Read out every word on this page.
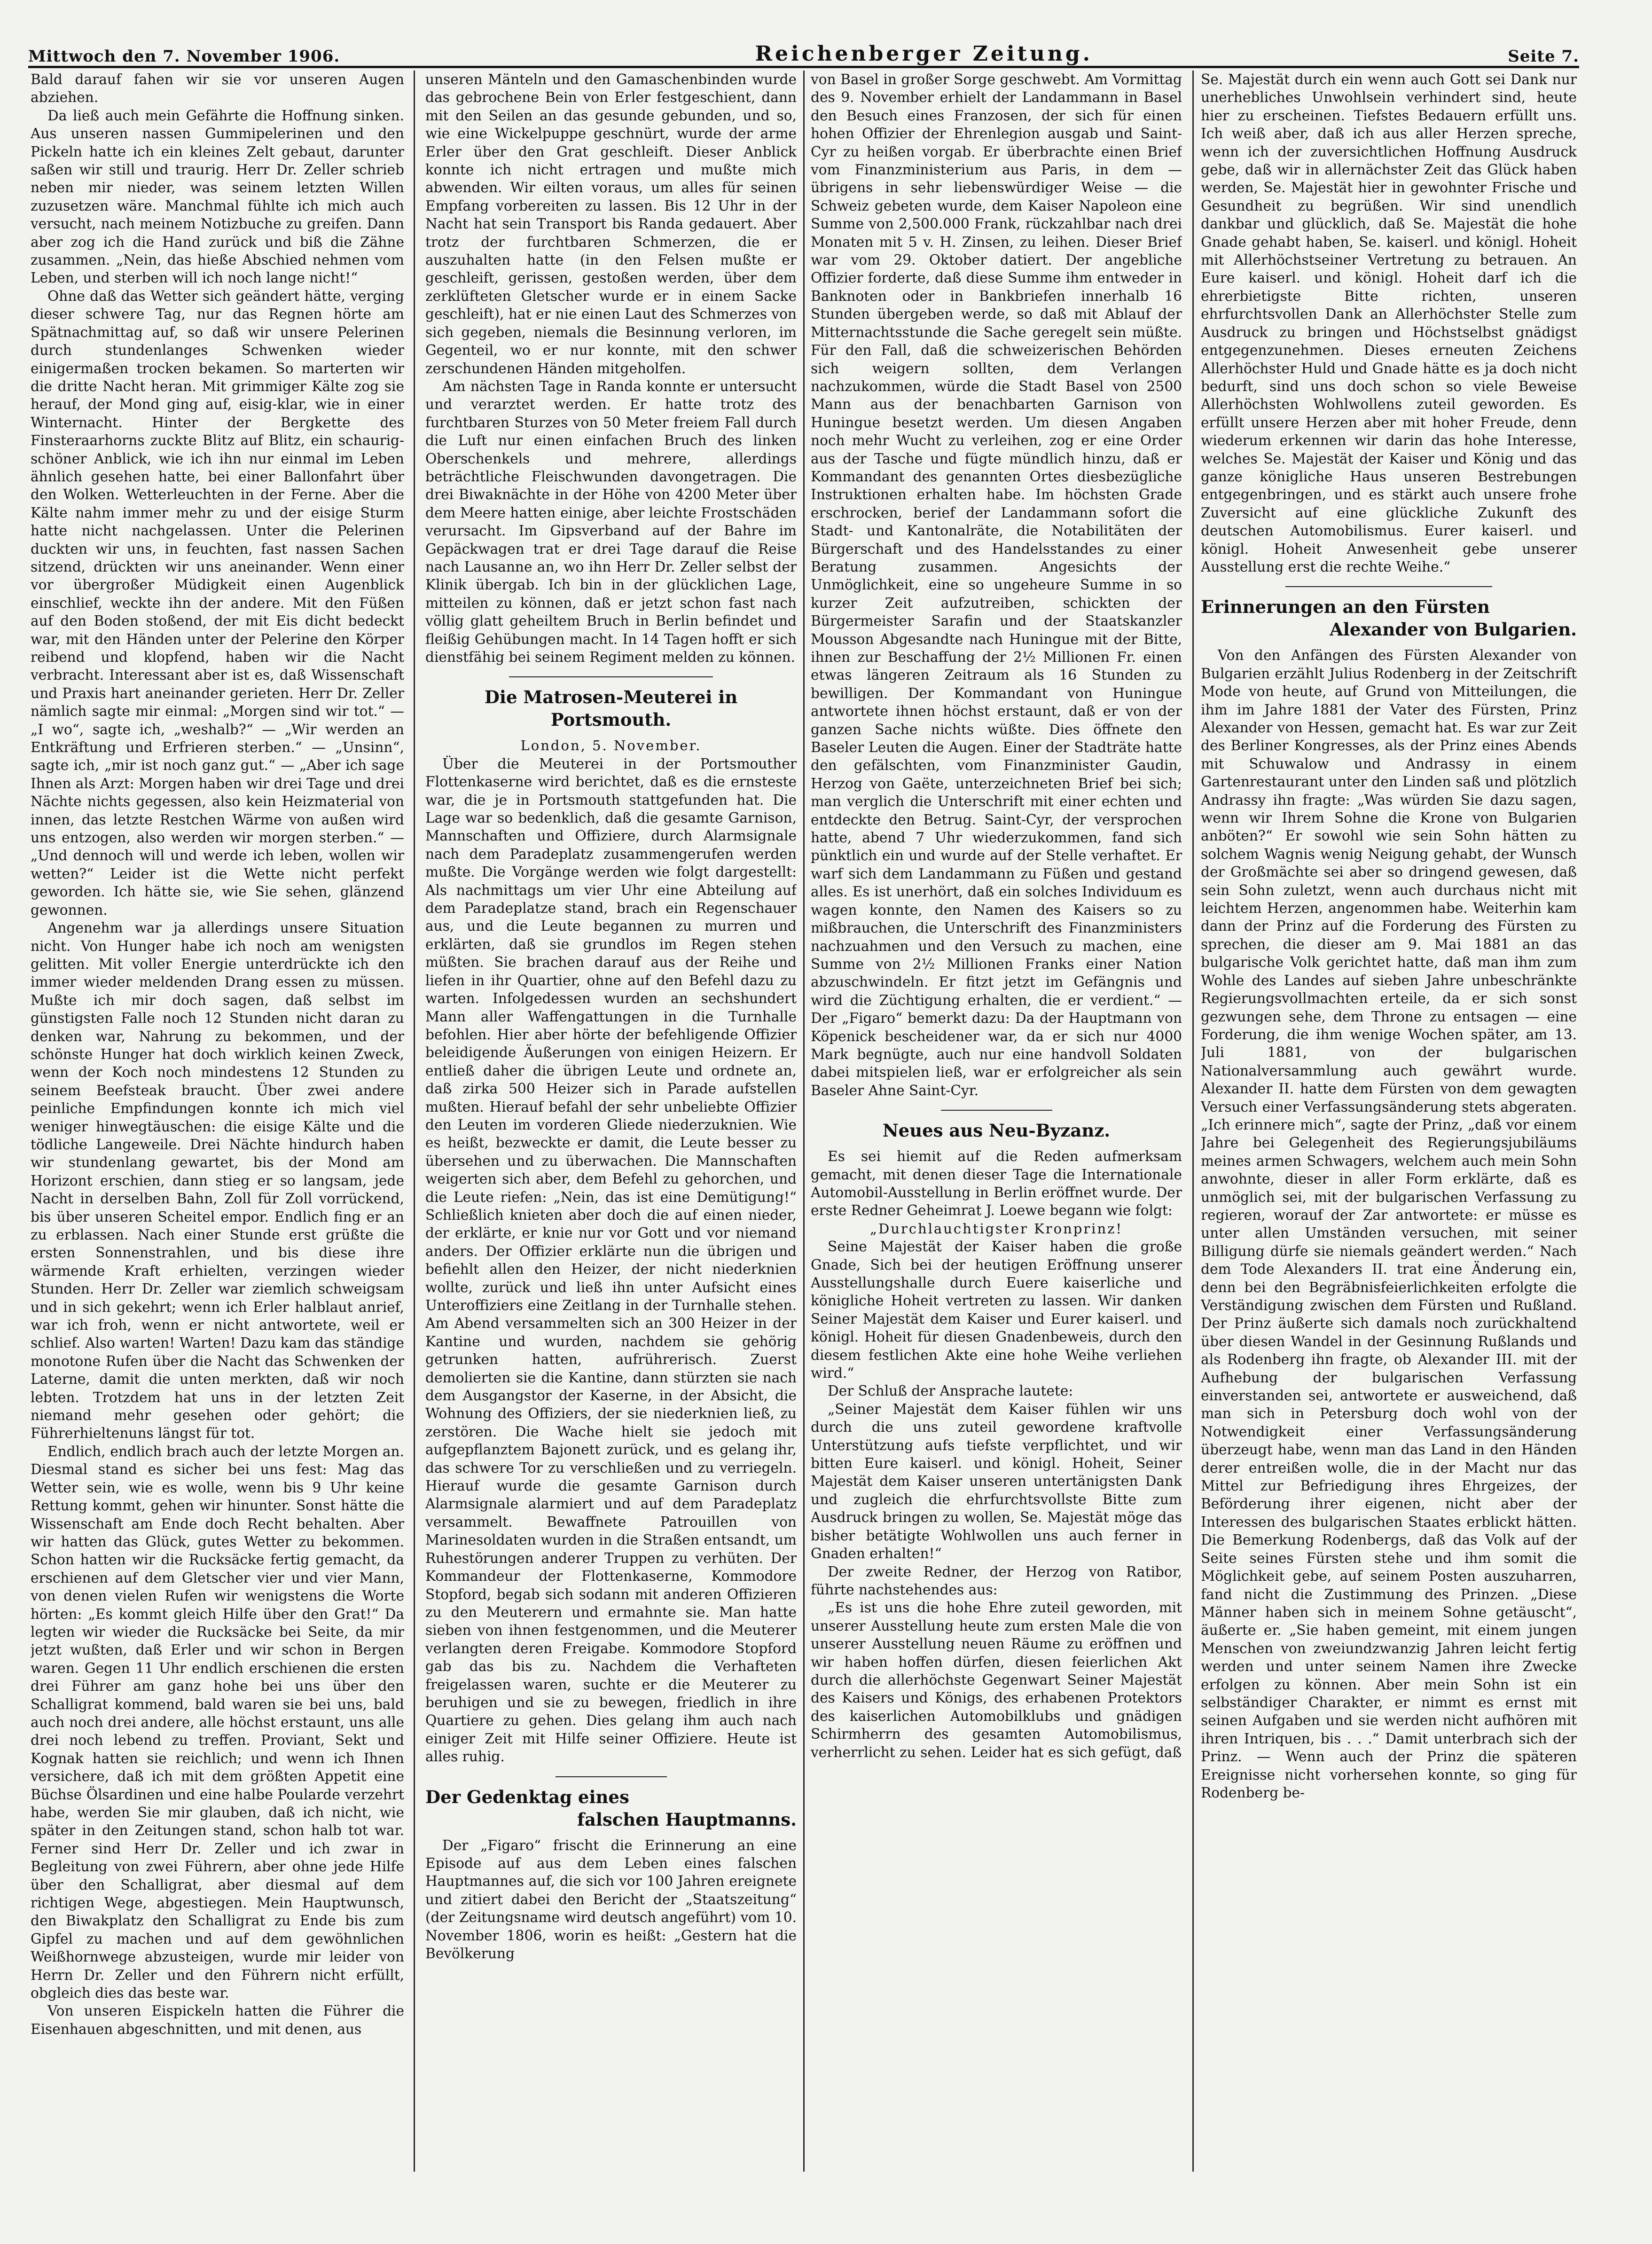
Mittwoch den 7. November 1906.	Reichenberger Zeitung.	Seite 7.

Bald darauf fahen wir sie vor unseren Augen abziehen.

Da ließ auch mein Gefährte die Hoffnung sinken. Aus unseren nassen Gummipelerinen und den Pickeln hatte ich ein kleines Zelt gebaut, darunter saßen wir still und traurig. Herr Dr. Zeller schrieb neben mir nieder, was seinem letzten Willen zuzusetzen wäre. Manchmal fühlte ich mich auch versucht, nach meinem Notizbuche zu greifen. Dann aber zog ich die Hand zurück und biß die Zähne zusammen. „Nein, das hieße Abschied nehmen vom Leben, und sterben will ich noch lange nicht!“

Ohne daß das Wetter sich geändert hätte, verging dieser schwere Tag, nur das Regnen hörte am Spätnachmittag auf, so daß wir unsere Pelerinen durch stundenlanges Schwenken wieder einigermaßen trocken bekamen. So marterten wir die dritte Nacht heran. Mit grimmiger Kälte zog sie herauf, der Mond ging auf, eisig-klar, wie in einer Winternacht. Hinter der Bergkette des Finsteraarhorns zuckte Blitz auf Blitz, ein schaurig-schöner Anblick, wie ich ihn nur einmal im Leben ähnlich gesehen hatte, bei einer Ballonfahrt über den Wolken. Wetterleuchten in der Ferne. Aber die Kälte nahm immer mehr zu und der eisige Sturm hatte nicht nachgelassen. Unter die Pelerinen duckten wir uns, in feuchten, fast nassen Sachen sitzend, drückten wir uns aneinander. Wenn einer vor übergroßer Müdigkeit einen Augenblick einschlief, weckte ihn der andere. Mit den Füßen auf den Boden stoßend, der mit Eis dicht bedeckt war, mit den Händen unter der Pelerine den Körper reibend und klopfend, haben wir die Nacht verbracht. Interessant aber ist es, daß Wissenschaft und Praxis hart aneinander gerieten. Herr Dr. Zeller nämlich sagte mir einmal: „Morgen sind wir tot.“ — „I wo“, sagte ich, „weshalb?“ — „Wir werden an Entkräftung und Erfrieren sterben.“ — „Unsinn“, sagte ich, „mir ist noch ganz gut.“ — „Aber ich sage Ihnen als Arzt: Morgen haben wir drei Tage und drei Nächte nichts gegessen, also kein Heizmaterial von innen, das letzte Restchen Wärme von außen wird uns entzogen, also werden wir morgen sterben.“ — „Und dennoch will und werde ich leben, wollen wir wetten?“ Leider ist die Wette nicht perfekt geworden. Ich hätte sie, wie Sie sehen, glänzend gewonnen.

Angenehm war ja allerdings unsere Situation nicht. Von Hunger habe ich noch am wenigsten gelitten. Mit voller Energie unterdrückte ich den immer wieder meldenden Drang essen zu müssen. Mußte ich mir doch sagen, daß selbst im günstigsten Falle noch 12 Stunden nicht daran zu denken war, Nahrung zu bekommen, und der schönste Hunger hat doch wirklich keinen Zweck, wenn der Koch noch mindestens 12 Stunden zu seinem Beefsteak braucht. Über zwei andere peinliche Empfindungen konnte ich mich viel weniger hinwegtäuschen: die eisige Kälte und die tödliche Langeweile. Drei Nächte hindurch haben wir stundenlang gewartet, bis der Mond am Horizont erschien, dann stieg er so langsam, jede Nacht in derselben Bahn, Zoll für Zoll vorrückend, bis über unseren Scheitel empor. Endlich fing er an zu erblassen. Nach einer Stunde erst grüßte die ersten Sonnenstrahlen, und bis diese ihre wärmende Kraft erhielten, verzingen wieder Stunden. Herr Dr. Zeller war ziemlich schweigsam und in sich gekehrt; wenn ich Erler halblaut anrief, war ich froh, wenn er nicht antwortete, weil er schlief. Also warten! Warten! Dazu kam das ständige monotone Rufen über die Nacht das Schwenken der Laterne, damit die unten merkten, daß wir noch lebten. Trotzdem hat uns in der letzten Zeit niemand mehr gesehen oder gehört; die Führerhieltenuns längst für tot.

Endlich, endlich brach auch der letzte Morgen an. Diesmal stand es sicher bei uns fest: Mag das Wetter sein, wie es wolle, wenn bis 9 Uhr keine Rettung kommt, gehen wir hinunter. Sonst hätte die Wissenschaft am Ende doch Recht behalten. Aber wir hatten das Glück, gutes Wetter zu bekommen. Schon hatten wir die Rucksäcke fertig gemacht, da erschienen auf dem Gletscher vier und vier Mann, von denen vielen Rufen wir wenigstens die Worte hörten: „Es kommt gleich Hilfe über den Grat!“ Da legten wir wieder die Rucksäcke bei Seite, da mir jetzt wußten, daß Erler und wir schon in Bergen waren. Gegen 11 Uhr endlich erschienen die ersten drei Führer am ganz hohe bei uns über den Schalligrat kommend, bald waren sie bei uns, bald auch noch drei andere, alle höchst erstaunt, uns alle drei noch lebend zu treffen. Proviant, Sekt und Kognak hatten sie reichlich; und wenn ich Ihnen versichere, daß ich mit dem größten Appetit eine Büchse Ölsardinen und eine halbe Poularde verzehrt habe, werden Sie mir glauben, daß ich nicht, wie später in den Zeitungen stand, schon halb tot war. Ferner sind Herr Dr. Zeller und ich zwar in Begleitung von zwei Führern, aber ohne jede Hilfe über den Schalligrat, aber diesmal auf dem richtigen Wege, abgestiegen. Mein Hauptwunsch, den Biwakplatz den Schalligrat zu Ende bis zum Gipfel zu machen und auf dem gewöhnlichen Weißhornwege abzusteigen, wurde mir leider von Herrn Dr. Zeller und den Führern nicht erfüllt, obgleich dies das beste war.

Von unseren Eispickeln hatten die Führer die Eisenhauen abgeschnitten, und mit denen, aus

unseren Mänteln und den Gamaschenbinden wurde das gebrochene Bein von Erler festgeschient, dann mit den Seilen an das gesunde gebunden, und so, wie eine Wickelpuppe geschnürt, wurde der arme Erler über den Grat geschleift. Dieser Anblick konnte ich nicht ertragen und mußte mich abwenden. Wir eilten voraus, um alles für seinen Empfang vorbereiten zu lassen. Bis 12 Uhr in der Nacht hat sein Transport bis Randa gedauert. Aber trotz der furchtbaren Schmerzen, die er auszuhalten hatte (in den Felsen mußte er geschleift, gerissen, gestoßen werden, über dem zerklüfteten Gletscher wurde er in einem Sacke geschleift), hat er nie einen Laut des Schmerzes von sich gegeben, niemals die Besinnung verloren, im Gegenteil, wo er nur konnte, mit den schwer zerschundenen Händen mitgeholfen.

Am nächsten Tage in Randa konnte er untersucht und verarztet werden. Er hatte trotz des furchtbaren Sturzes von 50 Meter freiem Fall durch die Luft nur einen einfachen Bruch des linken Oberschenkels und mehrere, allerdings beträchtliche Fleischwunden davongetragen. Die drei Biwaknächte in der Höhe von 4200 Meter über dem Meere hatten einige, aber leichte Frostschäden verursacht. Im Gipsverband auf der Bahre im Gepäckwagen trat er drei Tage darauf die Reise nach Lausanne an, wo ihn Herr Dr. Zeller selbst der Klinik übergab. Ich bin in der glücklichen Lage, mitteilen zu können, daß er jetzt schon fast nach völlig glatt geheiltem Bruch in Berlin befindet und fleißig Gehübungen macht. In 14 Tagen hofft er sich dienstfähig bei seinem Regiment melden zu können.

Die Matrosen-Meuterei in Portsmouth.

London, 5. November.

Über die Meuterei in der Portsmouther Flottenkaserne wird berichtet, daß es die ernsteste war, die je in Portsmouth stattgefunden hat. Die Lage war so bedenklich, daß die gesamte Garnison, Mannschaften und Offiziere, durch Alarmsignale nach dem Paradeplatz zusammengerufen werden mußte. Die Vorgänge werden wie folgt dargestellt: Als nachmittags um vier Uhr eine Abteilung auf dem Paradeplatze stand, brach ein Regenschauer aus, und die Leute begannen zu murren und erklärten, daß sie grundlos im Regen stehen müßten. Sie brachen darauf aus der Reihe und liefen in ihr Quartier, ohne auf den Befehl dazu zu warten. Infolgedessen wurden an sechshundert Mann aller Waffengattungen in die Turnhalle befohlen. Hier aber hörte der befehligende Offizier beleidigende Äußerungen von einigen Heizern. Er entließ daher die übrigen Leute und ordnete an, daß zirka 500 Heizer sich in Parade aufstellen mußten. Hierauf befahl der sehr unbeliebte Offizier den Leuten im vorderen Gliede niederzuknien. Wie es heißt, bezweckte er damit, die Leute besser zu übersehen und zu überwachen. Die Mannschaften weigerten sich aber, dem Befehl zu gehorchen, und die Leute riefen: „Nein, das ist eine Demütigung!“ Schließlich knieten aber doch die auf einen nieder, der erklärte, er knie nur vor Gott und vor niemand anders. Der Offizier erklärte nun die übrigen und befiehlt allen den Heizer, der nicht niederknien wollte, zurück und ließ ihn unter Aufsicht eines Unteroffiziers eine Zeitlang in der Turnhalle stehen. Am Abend versammelten sich an 300 Heizer in der Kantine und wurden, nachdem sie gehörig getrunken hatten, aufrührerisch. Zuerst demolierten sie die Kantine, dann stürzten sie nach dem Ausgangstor der Kaserne, in der Absicht, die Wohnung des Offiziers, der sie niederknien ließ, zu zerstören. Die Wache hielt sie jedoch mit aufgepflanztem Bajonett zurück, und es gelang ihr, das schwere Tor zu verschließen und zu verriegeln. Hierauf wurde die gesamte Garnison durch Alarmsignale alarmiert und auf dem Paradeplatz versammelt. Bewaffnete Patrouillen von Marinesoldaten wurden in die Straßen entsandt, um Ruhestörungen anderer Truppen zu verhüten. Der Kommandeur der Flottenkaserne, Kommodore Stopford, begab sich sodann mit anderen Offizieren zu den Meuterern und ermahnte sie. Man hatte sieben von ihnen festgenommen, und die Meuterer verlangten deren Freigabe. Kommodore Stopford gab das bis zu. Nachdem die Verhafteten freigelassen waren, suchte er die Meuterer zu beruhigen und sie zu bewegen, friedlich in ihre Quartiere zu gehen. Dies gelang ihm auch nach einiger Zeit mit Hilfe seiner Offiziere. Heute ist alles ruhig.

Der Gedenktag eines
falschen Hauptmanns.

Der „Figaro“ frischt die Erinnerung an eine Episode auf aus dem Leben eines falschen Hauptmannes auf, die sich vor 100 Jahren ereignete und zitiert dabei den Bericht der „Staatszeitung“ (der Zeitungsname wird deutsch angeführt) vom 10. November 1806, worin es heißt: „Gestern hat die Bevölkerung

von Basel in großer Sorge geschwebt. Am Vormittag des 9. November erhielt der Landammann in Basel den Besuch eines Franzosen, der sich für einen hohen Offizier der Ehrenlegion ausgab und Saint-Cyr zu heißen vorgab. Er überbrachte einen Brief vom Finanzministerium aus Paris, in dem — übrigens in sehr liebenswürdiger Weise — die Schweiz gebeten wurde, dem Kaiser Napoleon eine Summe von 2,500.000 Frank, rückzahlbar nach drei Monaten mit 5 v. H. Zinsen, zu leihen. Dieser Brief war vom 29. Oktober datiert. Der angebliche Offizier forderte, daß diese Summe ihm entweder in Banknoten oder in Bankbriefen innerhalb 16 Stunden übergeben werde, so daß mit Ablauf der Mitternachtsstunde die Sache geregelt sein müßte. Für den Fall, daß die schweizerischen Behörden sich weigern sollten, dem Verlangen nachzukommen, würde die Stadt Basel von 2500 Mann aus der benachbarten Garnison von Huningue besetzt werden. Um diesen Angaben noch mehr Wucht zu verleihen, zog er eine Order aus der Tasche und fügte mündlich hinzu, daß er Kommandant des genannten Ortes diesbezügliche Instruktionen erhalten habe. Im höchsten Grade erschrocken, berief der Landammann sofort die Stadt- und Kantonalräte, die Notabilitäten der Bürgerschaft und des Handelsstandes zu einer Beratung zusammen. Angesichts der Unmöglichkeit, eine so ungeheure Summe in so kurzer Zeit aufzutreiben, schickten der Bürgermeister Sarafin und der Staatskanzler Mousson Abgesandte nach Huningue mit der Bitte, ihnen zur Beschaffung der 2½ Millionen Fr. einen etwas längeren Zeitraum als 16 Stunden zu bewilligen. Der Kommandant von Huningue antwortete ihnen höchst erstaunt, daß er von der ganzen Sache nichts wüßte. Dies öffnete den Baseler Leuten die Augen. Einer der Stadträte hatte den gefälschten, vom Finanzminister Gaudin, Herzog von Gaëte, unterzeichneten Brief bei sich; man verglich die Unterschrift mit einer echten und entdeckte den Betrug. Saint-Cyr, der versprochen hatte, abend 7 Uhr wiederzukommen, fand sich pünktlich ein und wurde auf der Stelle verhaftet. Er warf sich dem Landammann zu Füßen und gestand alles. Es ist unerhört, daß ein solches Individuum es wagen konnte, den Namen des Kaisers so zu mißbrauchen, die Unterschrift des Finanzministers nachzuahmen und den Versuch zu machen, eine Summe von 2½ Millionen Franks einer Nation abzuschwindeln. Er fitzt jetzt im Gefängnis und wird die Züchtigung erhalten, die er verdient.“ — Der „Figaro“ bemerkt dazu: Da der Hauptmann von Köpenick bescheidener war, da er sich nur 4000 Mark begnügte, auch nur eine handvoll Soldaten dabei mitspielen ließ, war er erfolgreicher als sein Baseler Ahne Saint-Cyr.

Neues aus Neu-Byzanz.

Es sei hiemit auf die Reden aufmerksam gemacht, mit denen dieser Tage die Internationale Automobil-Ausstellung in Berlin eröffnet wurde. Der erste Redner Geheimrat J. Loewe begann wie folgt:

„Durchlauchtigster Kronprinz!

Seine Majestät der Kaiser haben die große Gnade, Sich bei der heutigen Eröffnung unserer Ausstellungshalle durch Euere kaiserliche und königliche Hoheit vertreten zu lassen. Wir danken Seiner Majestät dem Kaiser und Eurer kaiserl. und königl. Hoheit für diesen Gnadenbeweis, durch den diesem festlichen Akte eine hohe Weihe verliehen wird.“

Der Schluß der Ansprache lautete:

„Seiner Majestät dem Kaiser fühlen wir uns durch die uns zuteil gewordene kraftvolle Unterstützung aufs tiefste verpflichtet, und wir bitten Eure kaiserl. und königl. Hoheit, Seiner Majestät dem Kaiser unseren untertänigsten Dank und zugleich die ehrfurchtsvollste Bitte zum Ausdruck bringen zu wollen, Se. Majestät möge das bisher betätigte Wohlwollen uns auch ferner in Gnaden erhalten!“

Der zweite Redner, der Herzog von Ratibor, führte nachstehendes aus:

„Es ist uns die hohe Ehre zuteil geworden, mit unserer Ausstellung heute zum ersten Male die von unserer Ausstellung neuen Räume zu eröffnen und wir haben hoffen dürfen, diesen feierlichen Akt durch die allerhöchste Gegenwart Seiner Majestät des Kaisers und Königs, des erhabenen Protektors des kaiserlichen Automobilklubs und gnädigen Schirmherrn des gesamten Automobilismus, verherrlicht zu sehen. Leider hat es sich gefügt, daß

Se. Majestät durch ein wenn auch Gott sei Dank nur unerhebliches Unwohlsein verhindert sind, heute hier zu erscheinen. Tiefstes Bedauern erfüllt uns. Ich weiß aber, daß ich aus aller Herzen spreche, wenn ich der zuversichtlichen Hoffnung Ausdruck gebe, daß wir in allernächster Zeit das Glück haben werden, Se. Majestät hier in gewohnter Frische und Gesundheit zu begrüßen. Wir sind unendlich dankbar und glücklich, daß Se. Majestät die hohe Gnade gehabt haben, Se. kaiserl. und königl. Hoheit mit Allerhöchstseiner Vertretung zu betrauen. An Eure kaiserl. und königl. Hoheit darf ich die ehrerbietigste Bitte richten, unseren ehrfurchtsvollen Dank an Allerhöchster Stelle zum Ausdruck zu bringen und Höchstselbst gnädigst entgegenzunehmen. Dieses erneuten Zeichens Allerhöchster Huld und Gnade hätte es ja doch nicht bedurft, sind uns doch schon so viele Beweise Allerhöchsten Wohlwollens zuteil geworden. Es erfüllt unsere Herzen aber mit hoher Freude, denn wiederum erkennen wir darin das hohe Interesse, welches Se. Majestät der Kaiser und König und das ganze königliche Haus unseren Bestrebungen entgegenbringen, und es stärkt auch unsere frohe Zuversicht auf eine glückliche Zukunft des deutschen Automobilismus. Eurer kaiserl. und königl. Hoheit Anwesenheit gebe unserer Ausstellung erst die rechte Weihe.“

Erinnerungen an den Fürsten
Alexander von Bulgarien.

Von den Anfängen des Fürsten Alexander von Bulgarien erzählt Julius Rodenberg in der Zeitschrift Mode von heute, auf Grund von Mitteilungen, die ihm im Jahre 1881 der Vater des Fürsten, Prinz Alexander von Hessen, gemacht hat. Es war zur Zeit des Berliner Kongresses, als der Prinz eines Abends mit Schuwalow und Andrassy in einem Gartenrestaurant unter den Linden saß und plötzlich Andrassy ihn fragte: „Was würden Sie dazu sagen, wenn wir Ihrem Sohne die Krone von Bulgarien anböten?“ Er sowohl wie sein Sohn hätten zu solchem Wagnis wenig Neigung gehabt, der Wunsch der Großmächte sei aber so dringend gewesen, daß sein Sohn zuletzt, wenn auch durchaus nicht mit leichtem Herzen, angenommen habe. Weiterhin kam dann der Prinz auf die Forderung des Fürsten zu sprechen, die dieser am 9. Mai 1881 an das bulgarische Volk gerichtet hatte, daß man ihm zum Wohle des Landes auf sieben Jahre unbeschränkte Regierungsvollmachten erteile, da er sich sonst gezwungen sehe, dem Throne zu entsagen — eine Forderung, die ihm wenige Wochen später, am 13. Juli 1881, von der bulgarischen Nationalversammlung auch gewährt wurde. Alexander II. hatte dem Fürsten von dem gewagten Versuch einer Verfassungsänderung stets abgeraten. „Ich erinnere mich“, sagte der Prinz, „daß vor einem Jahre bei Gelegenheit des Regierungsjubiläums meines armen Schwagers, welchem auch mein Sohn anwohnte, dieser in aller Form erklärte, daß es unmöglich sei, mit der bulgarischen Verfassung zu regieren, worauf der Zar antwortete: er müsse es unter allen Umständen versuchen, mit seiner Billigung dürfe sie niemals geändert werden.“ Nach dem Tode Alexanders II. trat eine Änderung ein, denn bei den Begräbnisfeierlichkeiten erfolgte die Verständigung zwischen dem Fürsten und Rußland. Der Prinz äußerte sich damals noch zurückhaltend über diesen Wandel in der Gesinnung Rußlands und als Rodenberg ihn fragte, ob Alexander III. mit der Aufhebung der bulgarischen Verfassung einverstanden sei, antwortete er ausweichend, daß man sich in Petersburg doch wohl von der Notwendigkeit einer Verfassungsänderung überzeugt habe, wenn man das Land in den Händen derer entreißen wolle, die in der Macht nur das Mittel zur Befriedigung ihres Ehrgeizes, der Beförderung ihrer eigenen, nicht aber der Interessen des bulgarischen Staates erblickt hätten. Die Bemerkung Rodenbergs, daß das Volk auf der Seite seines Fürsten stehe und ihm somit die Möglichkeit gebe, auf seinem Posten auszuharren, fand nicht die Zustimmung des Prinzen. „Diese Männer haben sich in meinem Sohne getäuscht“, äußerte er. „Sie haben gemeint, mit einem jungen Menschen von zweiundzwanzig Jahren leicht fertig werden und unter seinem Namen ihre Zwecke erfolgen zu können. Aber mein Sohn ist ein selbständiger Charakter, er nimmt es ernst mit seinen Aufgaben und sie werden nicht aufhören mit ihren Intriquen, bis . . .“ Damit unterbrach sich der Prinz. — Wenn auch der Prinz die späteren Ereignisse nicht vorhersehen konnte, so ging für Rodenberg be-
